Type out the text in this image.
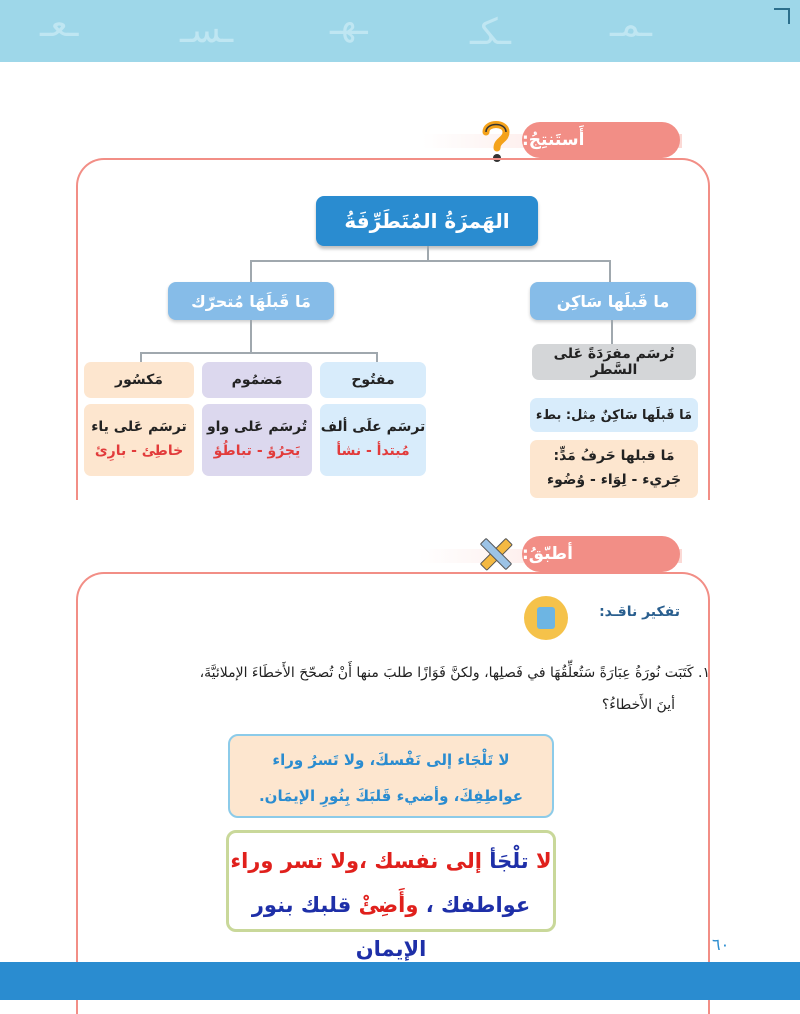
ـعـ	ـسـ	ـهـ	ـكـ	ـمـ
أَستَنتِجُ:
الهَمزَةُ المُتَطَرِّفَةُ
مَا قَبلَهَا مُتحرّك	ما قَبلَها سَاكِن
تُرسَم مفرَدَةً عَلى السَّطر
مَا قَبلَها سَاكِنٌ مِثل: بطء
مَا قبلها حَرفُ مَدٍّ:
جَريء - لِوَاء - وُضُوء
مفتُوح
مَضمُوم
مَكسُور
ترسَم علَى ألف
مُبتدأ - نشأ
تُرسَم عَلى واو
يَجرُؤ - تباطُؤ
ترسَم عَلى ياء
خاطِئ - بارِئ
أطبّقُ:
تفكير ناقـد:
١. كَتَبَت نُورَةُ عِبَارَةً سَتُعلِّقُهَا في فَصلِها، ولكنَّ فَوَازًا طلبَ منها أَنْ تُصحّحَ الأَخطَاءَ الإملائيَّةَ،
أينَ الأَخطاءُ؟
لا تَلْجَاء إلى نَفْسكَ، ولا تَسرُ وراء
عواطِفِكَ، وأضيء قَلبَكَ بِنُورِ الإيمَان.
لا تلْجَأ إلى نفسك ،ولا تسر وراء
عواطفك ، وأَضِئْ قلبك بنور الإيمان	٦٠
